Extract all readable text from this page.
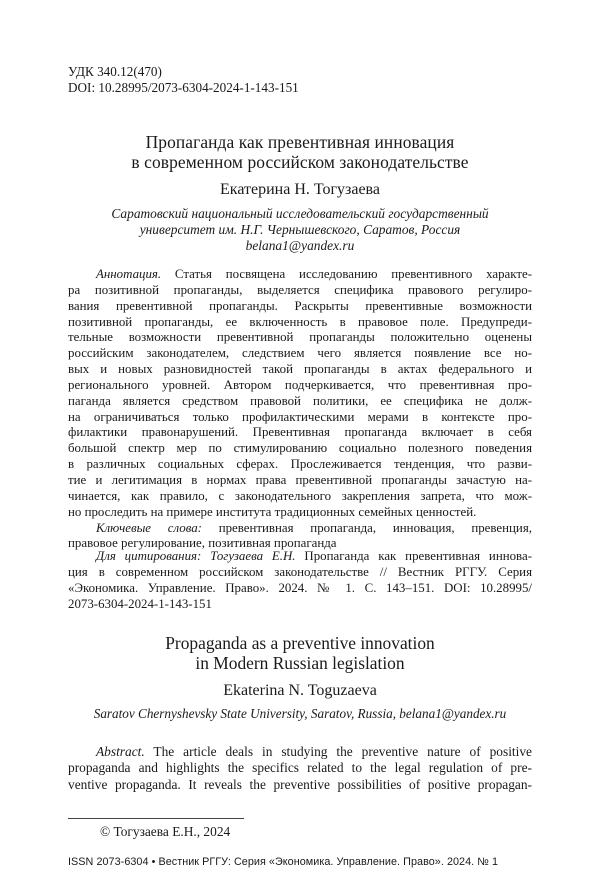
УДК 340.12(470)
DOI: 10.28995/2073-6304-2024-1-143-151
Пропаганда как превентивная инновация
в современном российском законодательстве
Екатерина Н. Тогузаева
Саратовский национальный исследовательский государственный
университет им. Н.Г. Чернышевского, Саратов, Россия
belana1@yandex.ru
Аннотация. Статья посвящена исследованию превентивного характе-
ра позитивной пропаганды, выделяется специфика правового регулиро-
вания превентивной пропаганды. Раскрыты превентивные возможности
позитивной пропаганды, ее включенность в правовое поле. Предупреди-
тельные возможности превентивной пропаганды положительно оценены
российским законодателем, следствием чего является появление все но-
вых и новых разновидностей такой пропаганды в актах федерального и
регионального уровней. Автором подчеркивается, что превентивная про-
паганда является средством правовой политики, ее специфика не долж-
на ограничиваться только профилактическими мерами в контексте про-
филактики правонарушений. Превентивная пропаганда включает в себя
большой спектр мер по стимулированию социально полезного поведения
в различных социальных сферах. Прослеживается тенденция, что разви-
тие и легитимация в нормах права превентивной пропаганды зачастую на-
чинается, как правило, с законодательного закрепления запрета, что мож-
но проследить на примере института традиционных семейных ценностей.
Ключевые слова: превентивная пропаганда, инновация, превенция,
правовое регулирование, позитивная пропаганда
Для цитирования: Тогузаева Е.Н. Пропаганда как превентивная иннова-
ция в современном российском законодательстве // Вестник РГГУ. Серия
«Экономика. Управление. Право». 2024. № 1. С. 143–151. DOI: 10.28995/
2073-6304-2024-1-143-151
Propaganda as a preventive innovation
in Modern Russian legislation
Ekaterina N. Toguzaeva
Saratov Chernyshevsky State University, Saratov, Russia, belana1@yandex.ru
Abstract. The article deals in studying the preventive nature of positive
propaganda and highlights the specifics related to the legal regulation of pre-
ventive propaganda. It reveals the preventive possibilities of positive propagan-
© Тогузаева Е.Н., 2024
ISSN 2073-6304 • Вестник РГГУ: Серия «Экономика. Управление. Право». 2024. № 1
